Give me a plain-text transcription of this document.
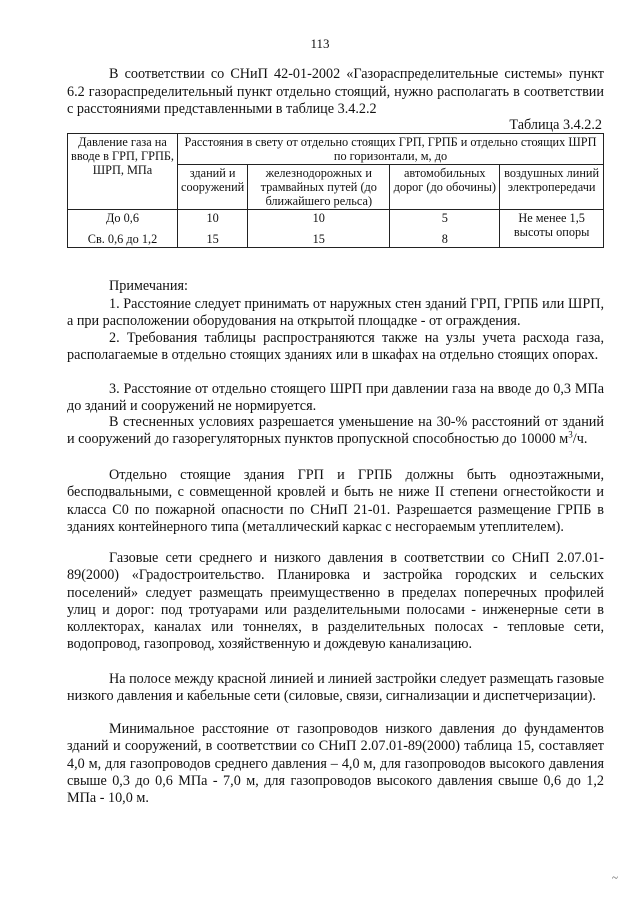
113

В соответствии со СНиП 42-01-2002 «Газораспределительные системы» пункт 6.2 газораспределительный пункт отдельно стоящий, нужно располагать в соответствии с расстояниями представленными в таблице 3.4.2.2

Таблица 3.4.2.2
Давление газа на вводе в ГРП, ГРПБ, ШРП, МПа	Расстояния в свету от отдельно стоящих ГРП, ГРПБ и отдельно стоящих ШРП по горизонтали, м, до			
	зданий и сооружений	железнодорожных и трамвайных путей (до ближайшего рельса)	автомобильных дорог (до обочины)	воздушных линий электропередачи
До 0,6	10	10	5	Не менее 1,5 высоты опоры
Св. 0,6 до 1,2	15	15	8	

Примечания:

1. Расстояние следует принимать от наружных стен зданий ГРП, ГРПБ или ШРП, а при расположении оборудования на открытой площадке - от ограждения.

2. Требования таблицы распространяются также на узлы учета расхода газа, располагаемые в отдельно стоящих зданиях или в шкафах на отдельно стоящих опорах.

3. Расстояние от отдельно стоящего ШРП при давлении газа на вводе до 0,3 МПа до зданий и сооружений не нормируется.

В стесненных условиях разрешается уменьшение на 30-% расстояний от зданий и сооружений до газорегуляторных пунктов пропускной способностью до 10000 $м^3/ч$.

Отдельно стоящие здания ГРП и ГРПБ должны быть одноэтажными, бесподвальными, с совмещенной кровлей и быть не ниже II степени огнестойкости и класса С0 по пожарной опасности по СНиП 21-01. Разрешается размещение ГРПБ в зданиях контейнерного типа (металлический каркас с несгораемым утеплителем).

Газовые сети среднего и низкого давления в соответствии со СНиП 2.07.01-89(2000) «Градостроительство. Планировка и застройка городских и сельских поселений» следует размещать преимущественно в пределах поперечных профилей улиц и дорог: под тротуарами или разделительными полосами - инженерные сети в коллекторах, каналах или тоннелях, в разделительных полосах - тепловые сети, водопровод, газопровод, хозяйственную и дождевую канализацию.

На полосе между красной линией и линией застройки следует размещать газовые низкого давления и кабельные сети (силовые, связи, сигнализации и диспетчеризации).

Минимальное расстояние от газопроводов низкого давления до фундаментов зданий и сооружений, в соответствии со СНиП 2.07.01-89(2000) таблица 15, составляет 4,0 м, для газопроводов среднего давления – 4,0 м, для газопроводов высокого давления свыше 0,3 до 0,6 МПа - 7,0 м, для газопроводов высокого давления свыше 0,6 до 1,2 МПа - 10,0 м.

~
